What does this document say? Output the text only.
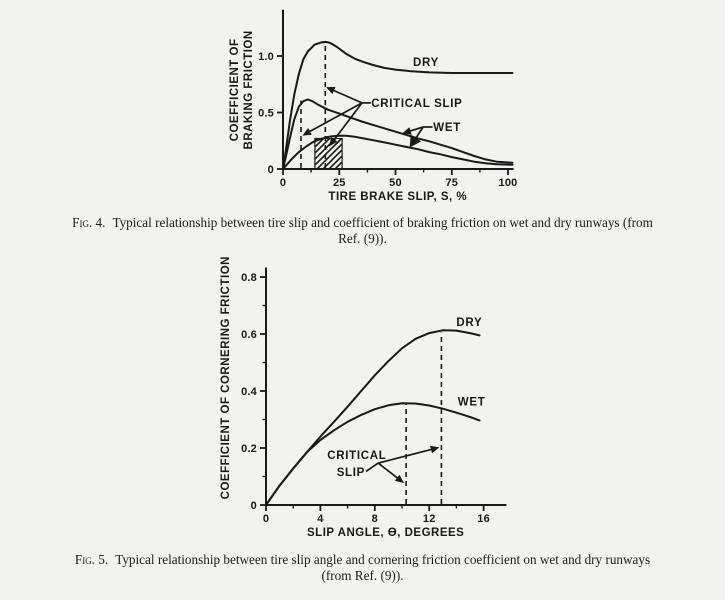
0	25	50	75	100
0
0.5
1.0
TIRE BRAKE SLIP, S, %
COEFFICIENT OF BRAKING FRICTION	DRY
CRITICAL SLIP
WET
Fig. 4. Typical relationship between tire slip and coefficient of braking friction on wet and dry runways (from
Ref. (9)).
0	4	8	12	16
0
0.2
0.4
0.6
0.8
SLIP ANGLE, Ɵ, DEGREES
COEFFICIENT OF CORNERING FRICTION	DRY
WET
CRITICAL
SLIP
Fig. 5. Typical relationship between tire slip angle and cornering friction coefficient on wet and dry runways
(from Ref. (9)).
